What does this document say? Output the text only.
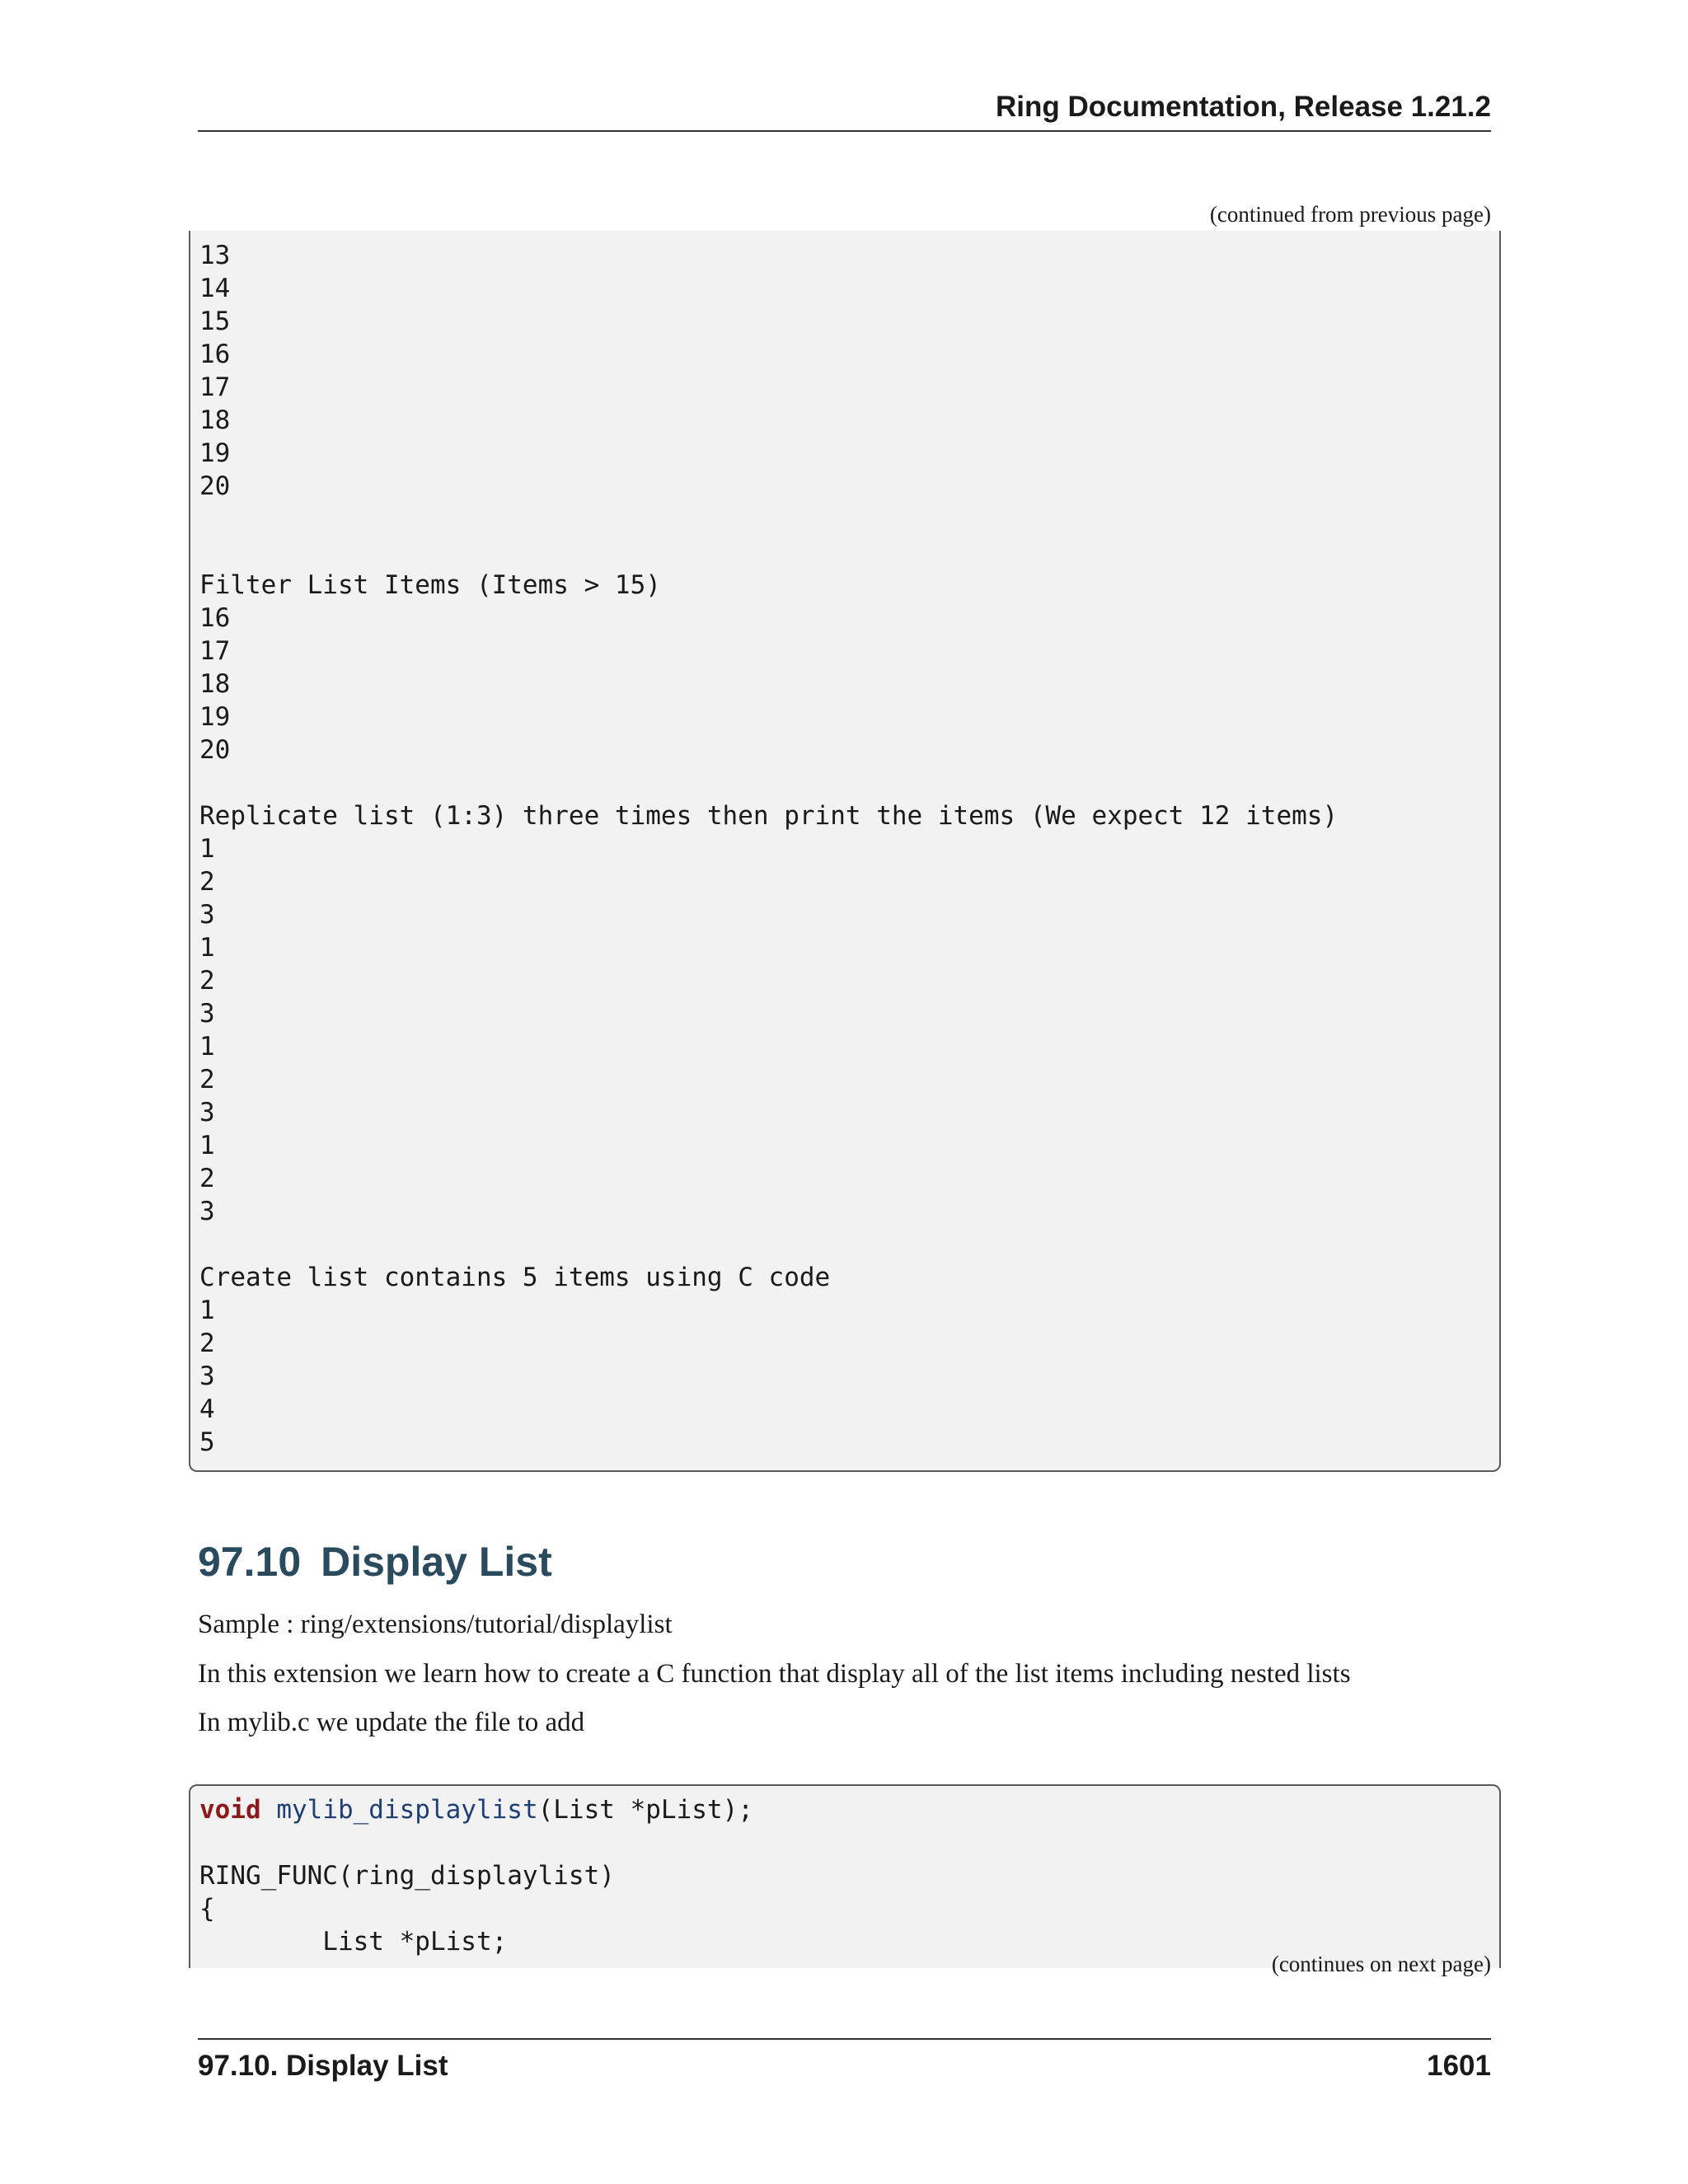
Ring Documentation, Release 1.21.2
(continued from previous page)
13
14
15
16
17
18
19
20
Filter List Items (Items > 15)
16
17
18
19
20
Replicate list (1:3) three times then print the items (We expect 12 items)
1
2
3
1
2
3
1
2
3
1
2
3
Create list contains 5 items using C code
1
2
3
4
5
97.10 Display List
Sample : ring/extensions/tutorial/displaylist
In this extension we learn how to create a C function that display all of the list items including nested lists
In mylib.c we update the file to add
void mylib_displaylist(List *pList);
RING_FUNC(ring_displaylist)
{
List *pList;
(continues on next page)
97.10. Display List	1601
